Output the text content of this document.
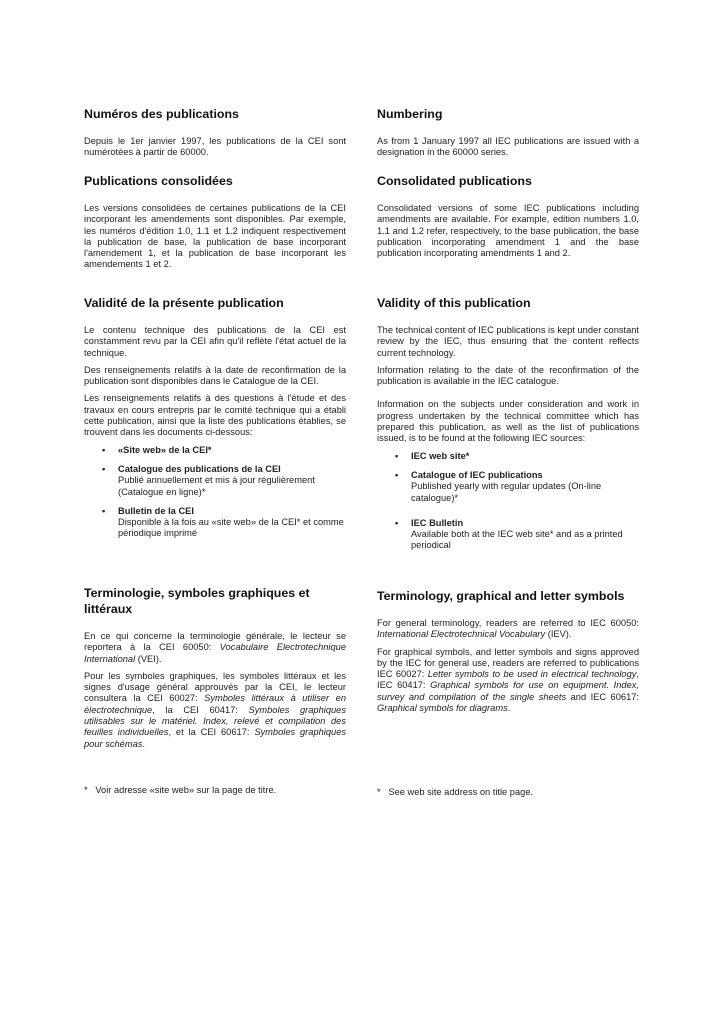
Numéros des publications

Depuis le 1er janvier 1997, les publications de la CEI sont numérotées à partir de 60000.

Publications consolidées

Les versions consolidées de certaines publications de la CEI incorporant les amendements sont disponibles. Par exemple, les numéros d'édition 1.0, 1.1 et 1.2 indiquent respectivement la publication de base, la publication de base incorporant l'amendement 1, et la publication de base incorporant les amendements 1 et 2.

Validité de la présente publication

Le contenu technique des publications de la CEI est constamment revu par la CEI afin qu'il reflète l'état actuel de la technique.

Des renseignements relatifs à la date de reconfirmation de la publication sont disponibles dans le Catalogue de la CEI.

Les renseignements relatifs à des questions à l'étude et des travaux en cours entrepris par le comité technique qui a établi cette publication, ainsi que la liste des publications établies, se trouvent dans les documents ci-dessous:

• «Site web» de la CEI*
• Catalogue des publications de la CEI
Publié annuellement et mis à jour régulièrement (Catalogue en ligne)*
• Bulletin de la CEI
Disponible à la fois au «site web» de la CEI* et comme périodique imprimé
Terminologie, symboles graphiques et littéraux

En ce qui concerne la terminologie générale, le lecteur se reportera à la CEI 60050: Vocabulaire Electrotechnique International (VEI).

Pour les symboles graphiques, les symboles littéraux et les signes d'usage général approuvés par la CEI, le lecteur consultera la CEI 60027: Symboles littéraux à utiliser en électrotechnique, la CEI 60417: Symboles graphiques utilisables sur le matériel. Index, relevé et compilation des feuilles individuelles, et la CEI 60617: Symboles graphiques pour schémas.

*   Voir adresse «site web» sur la page de titre.
Numbering

As from 1 January 1997 all IEC publications are issued with a designation in the 60000 series.

Consolidated publications

Consolidated versions of some IEC publications including amendments are available. For example, edition numbers 1.0, 1.1 and 1.2 refer, respectively, to the base publication, the base publication incorporating amendment 1 and the base publication incorporating amendments 1 and 2.

Validity of this publication

The technical content of IEC publications is kept under constant review by the IEC, thus ensuring that the content reflects current technology.

Information relating to the date of the reconfirmation of the publication is available in the IEC catalogue.

Information on the subjects under consideration and work in progress undertaken by the technical committee which has prepared this publication, as well as the list of publications issued, is to be found at the following IEC sources:

• IEC web site*
• Catalogue of IEC publications
Published yearly with regular updates (On-line catalogue)*
• IEC Bulletin
Available both at the IEC web site* and as a printed periodical
Terminology, graphical and letter symbols

For general terminology, readers are referred to IEC 60050: International Electrotechnical Vocabulary (IEV).

For graphical symbols, and letter symbols and signs approved by the IEC for general use, readers are referred to publications IEC 60027: Letter symbols to be used in electrical technology, IEC 60417: Graphical symbols for use on equipment. Index, survey and compilation of the single sheets and IEC 60617: Graphical symbols for diagrams.

*   See web site address on title page.
